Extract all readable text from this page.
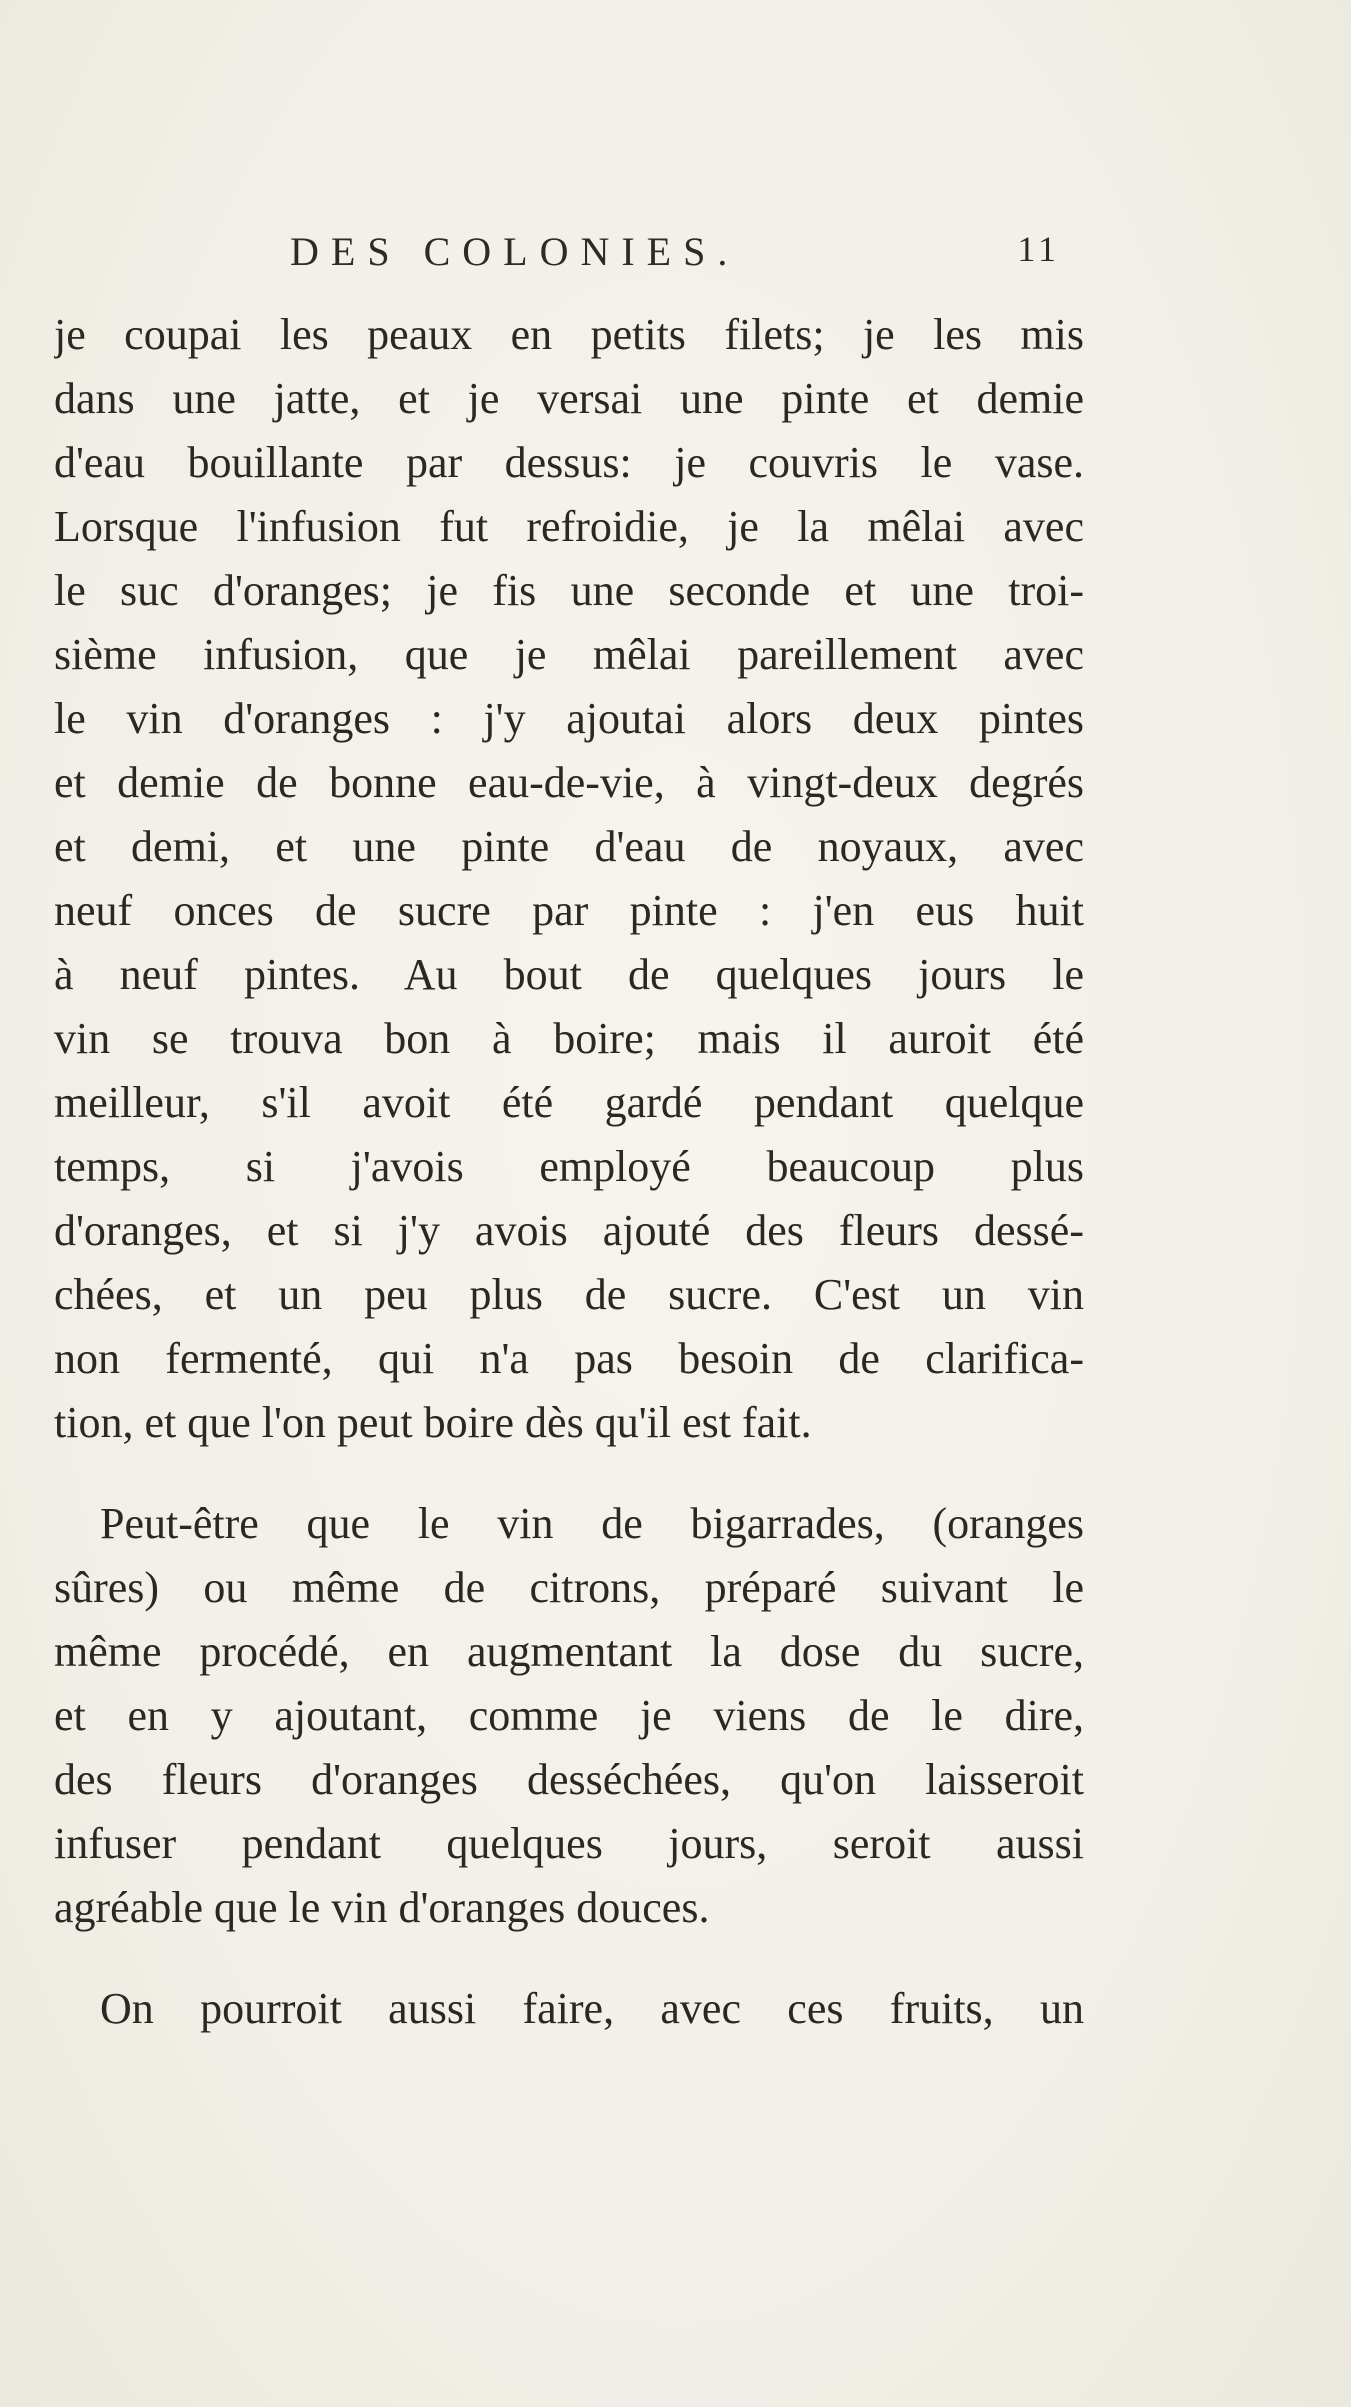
DES COLONIES.	11
je coupai les peaux en petits filets; je les mis
dans une jatte, et je versai une pinte et demie
d'eau bouillante par dessus: je couvris le vase.
Lorsque l'infusion fut refroidie, je la mêlai avec
le suc d'oranges; je fis une seconde et une troi-
sième infusion, que je mêlai pareillement avec
le vin d'oranges : j'y ajoutai alors deux pintes
et demie de bonne eau-de-vie, à vingt-deux degrés
et demi, et une pinte d'eau de noyaux, avec
neuf onces de sucre par pinte : j'en eus huit
à neuf pintes. Au bout de quelques jours le
vin se trouva bon à boire; mais il auroit été
meilleur, s'il avoit été gardé pendant quelque
temps, si j'avois employé beaucoup plus
d'oranges, et si j'y avois ajouté des fleurs dessé-
chées, et un peu plus de sucre. C'est un vin
non fermenté, qui n'a pas besoin de clarifica-
tion, et que l'on peut boire dès qu'il est fait.
Peut-être que le vin de bigarrades, (oranges
sûres) ou même de citrons, préparé suivant le
même procédé, en augmentant la dose du sucre,
et en y ajoutant, comme je viens de le dire,
des fleurs d'oranges desséchées, qu'on laisseroit
infuser pendant quelques jours, seroit aussi
agréable que le vin d'oranges douces.
On pourroit aussi faire, avec ces fruits, un
